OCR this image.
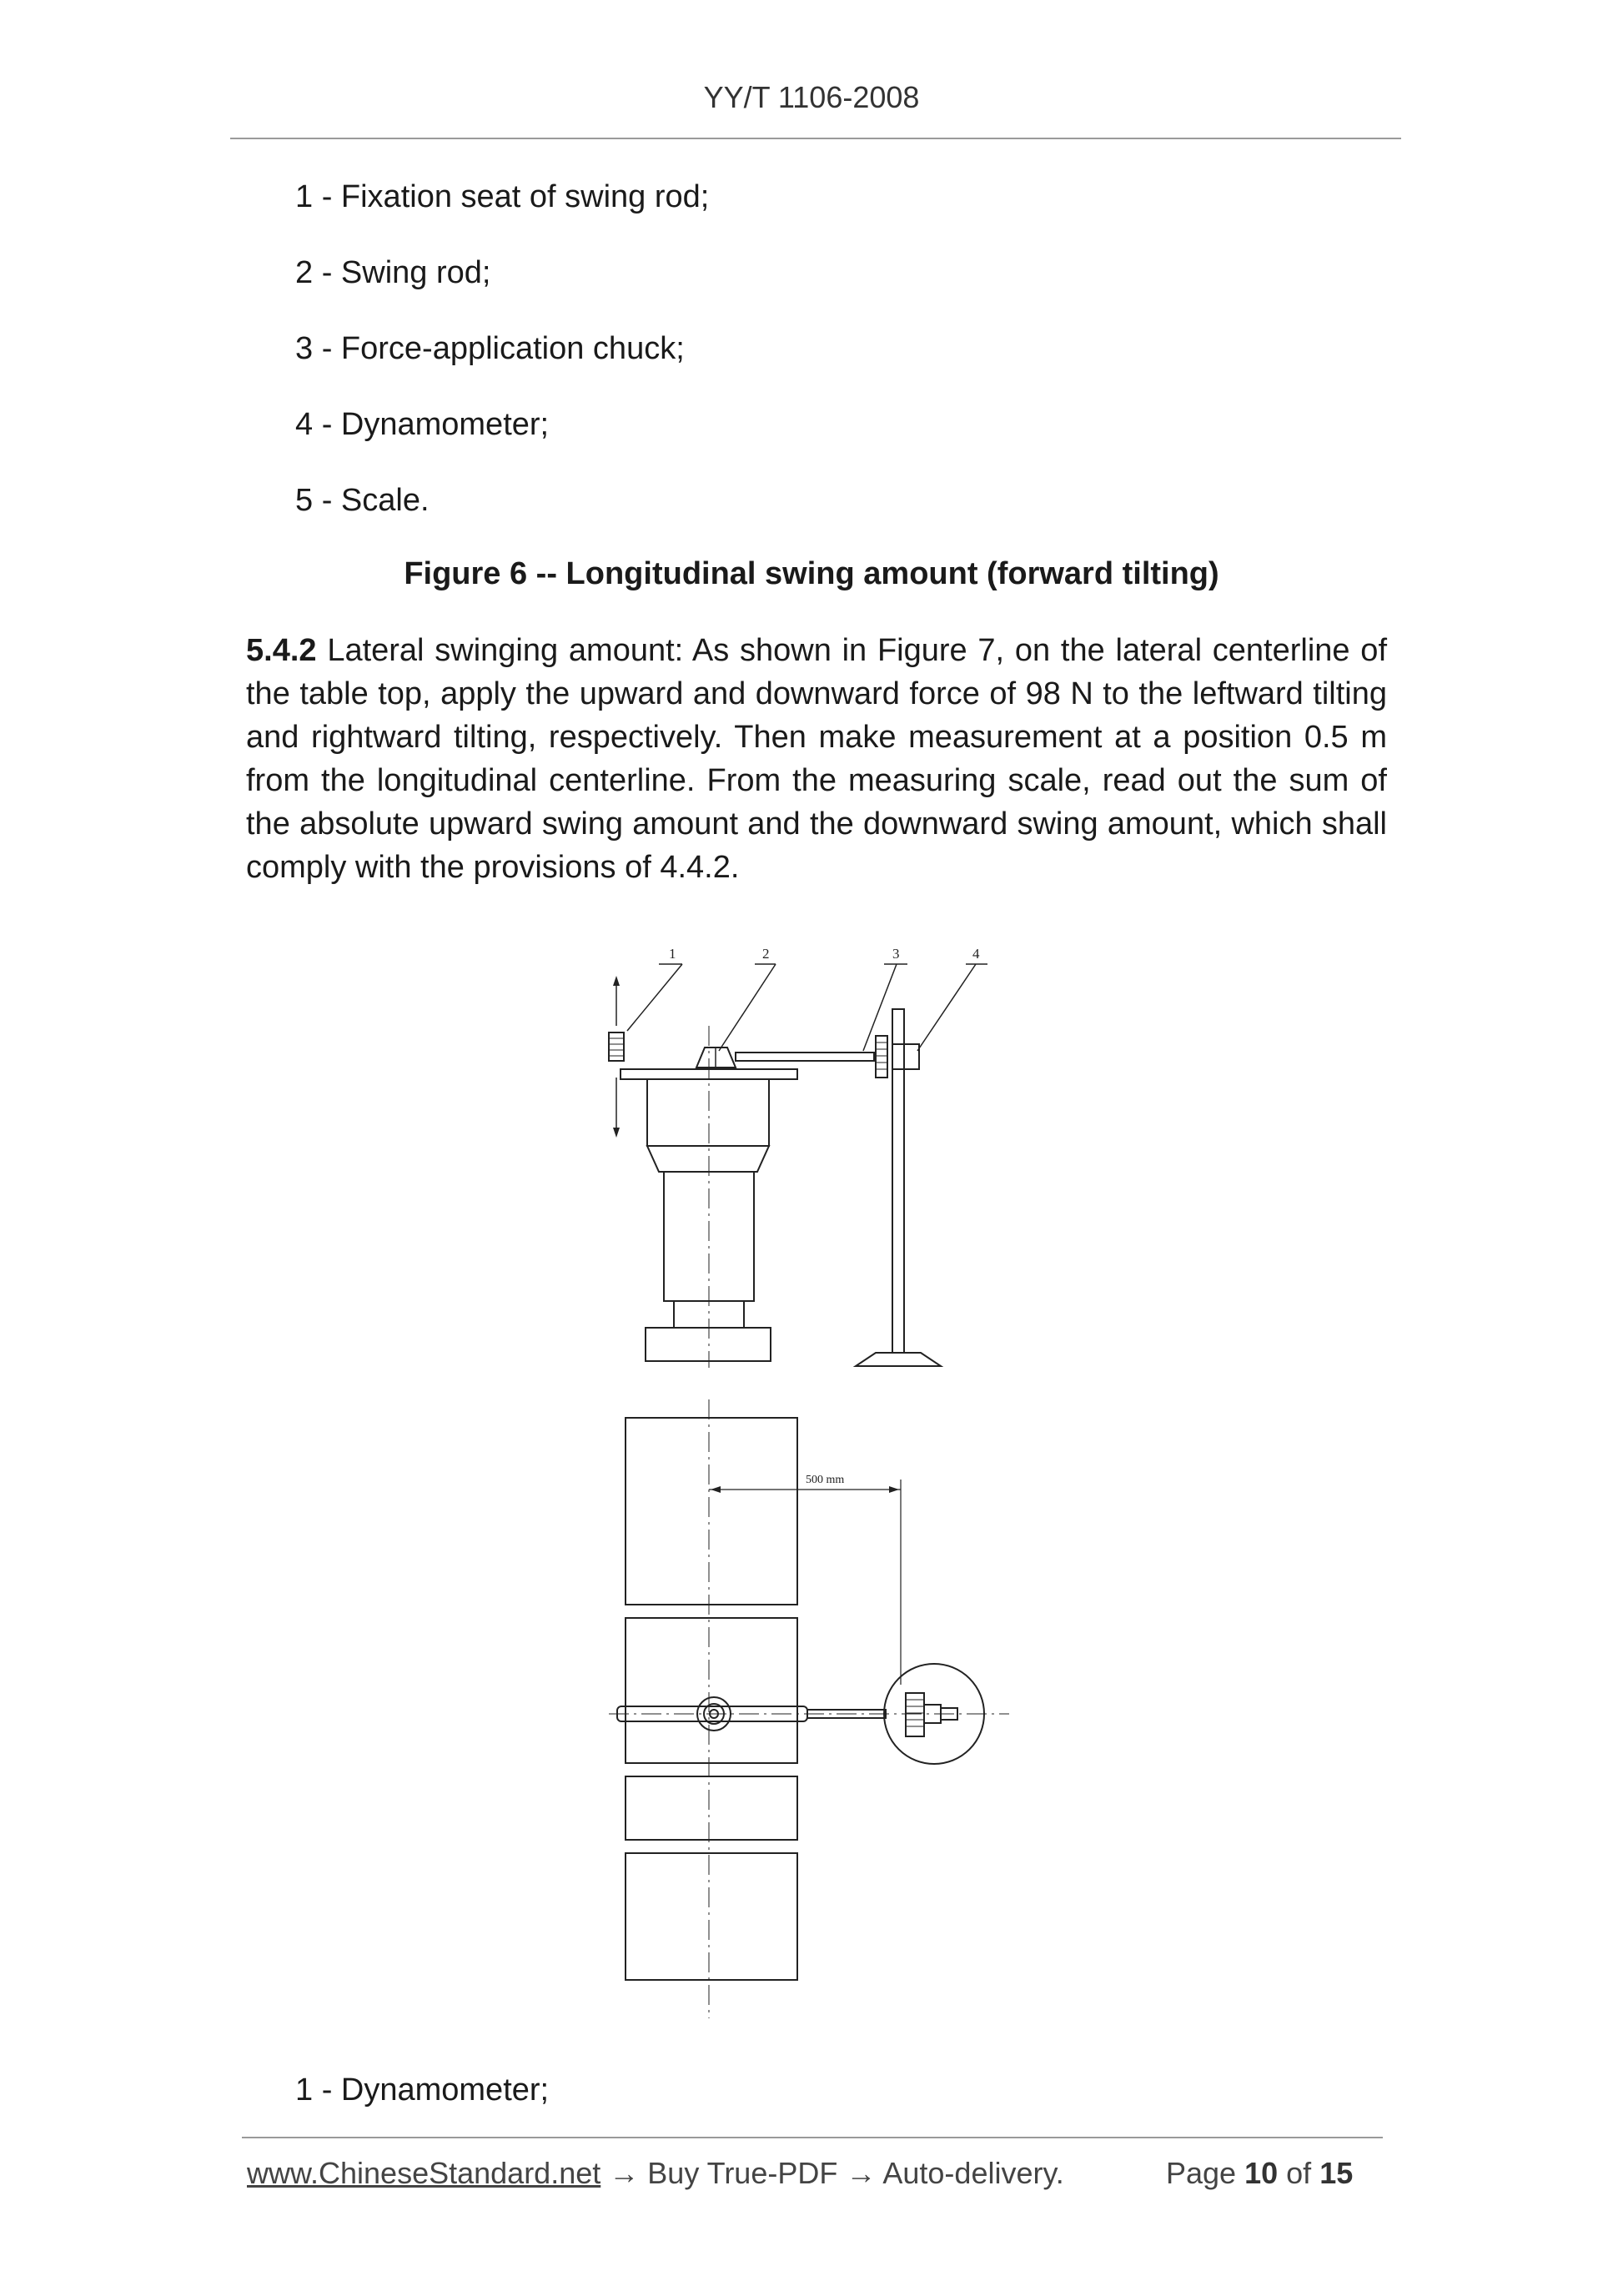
YY/T 1106-2008
1 - Fixation seat of swing rod;
2 - Swing rod;
3 - Force-application chuck;
4 - Dynamometer;
5 - Scale.
Figure 6 -- Longitudinal swing amount (forward tilting)
5.4.2 Lateral swinging amount: As shown in Figure 7, on the lateral centerline of the table top, apply the upward and downward force of 98 N to the leftward tilting and rightward tilting, respectively. Then make measurement at a position 0.5 m from the longitudinal centerline. From the measuring scale, read out the sum of the absolute upward swing amount and the downward swing amount, which shall comply with the provisions of 4.4.2.
1	2	3	4
500 mm
1 - Dynamometer;
www.ChineseStandard.net → Buy True-PDF → Auto-delivery.	Page 10 of 15
